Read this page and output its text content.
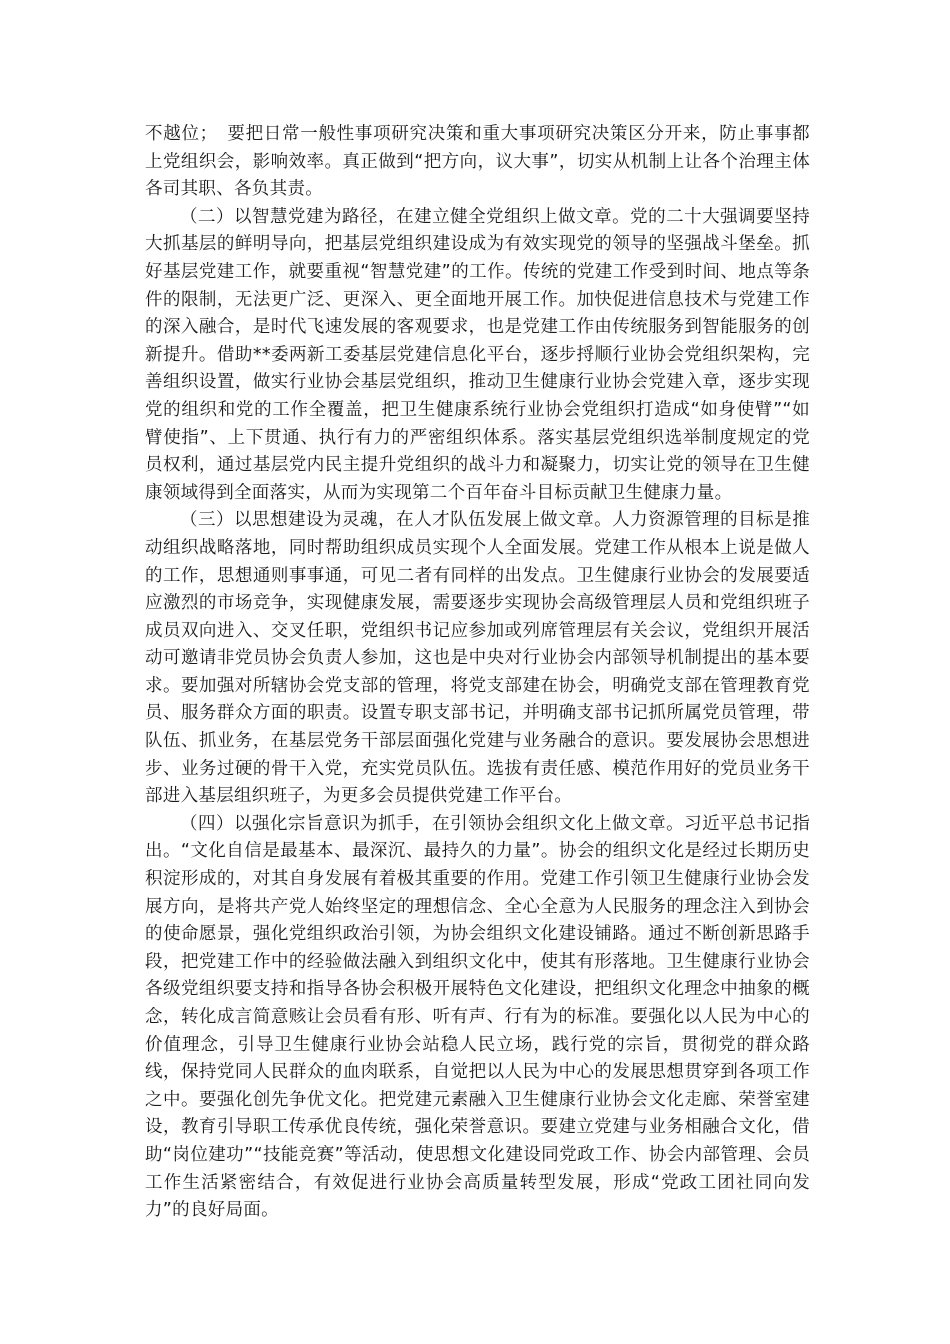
不越位；　要把日常一般性事项研究决策和重大事项研究决策区分开来，防止事事都上党组织会，影响效率。真正做到“把方向，议大事”，切实从机制上让各个治理主体各司其职、各负其责。

（二）以智慧党建为路径，在建立健全党组织上做文章。党的二十大强调要坚持大抓基层的鲜明导向，把基层党组织建设成为有效实现党的领导的坚强战斗堡垒。抓好基层党建工作，就要重视“智慧党建”的工作。传统的党建工作受到时间、地点等条件的限制，无法更广泛、更深入、更全面地开展工作。加快促进信息技术与党建工作的深入融合，是时代飞速发展的客观要求，也是党建工作由传统服务到智能服务的创新提升。借助**委两新工委基层党建信息化平台，逐步捋顺行业协会党组织架构，完善组织设置，做实行业协会基层党组织，推动卫生健康行业协会党建入章，逐步实现党的组织和党的工作全覆盖，把卫生健康系统行业协会党组织打造成“如身使臂”“如臂使指”、上下贯通、执行有力的严密组织体系。落实基层党组织选举制度规定的党员权利，通过基层党内民主提升党组织的战斗力和凝聚力，切实让党的领导在卫生健康领域得到全面落实，从而为实现第二个百年奋斗目标贡献卫生健康力量。

（三）以思想建设为灵魂，在人才队伍发展上做文章。人力资源管理的目标是推动组织战略落地，同时帮助组织成员实现个人全面发展。党建工作从根本上说是做人的工作，思想通则事事通，可见二者有同样的出发点。卫生健康行业协会的发展要适应激烈的市场竞争，实现健康发展，需要逐步实现协会高级管理层人员和党组织班子成员双向进入、交叉任职，党组织书记应参加或列席管理层有关会议，党组织开展活动可邀请非党员协会负责人参加，这也是中央对行业协会内部领导机制提出的基本要求。要加强对所辖协会党支部的管理，将党支部建在协会，明确党支部在管理教育党员、服务群众方面的职责。设置专职支部书记，并明确支部书记抓所属党员管理，带队伍、抓业务，在基层党务干部层面强化党建与业务融合的意识。要发展协会思想进步、业务过硬的骨干入党，充实党员队伍。选拔有责任感、模范作用好的党员业务干部进入基层组织班子，为更多会员提供党建工作平台。

（四）以强化宗旨意识为抓手，在引领协会组织文化上做文章。习近平总书记指出。“文化自信是最基本、最深沉、最持久的力量”。协会的组织文化是经过长期历史积淀形成的，对其自身发展有着极其重要的作用。党建工作引领卫生健康行业协会发展方向，是将共产党人始终坚定的理想信念、全心全意为人民服务的理念注入到协会的使命愿景，强化党组织政治引领，为协会组织文化建设铺路。通过不断创新思路手段，把党建工作中的经验做法融入到组织文化中，使其有形落地。卫生健康行业协会各级党组织要支持和指导各协会积极开展特色文化建设，把组织文化理念中抽象的概念，转化成言简意赅让会员看有形、听有声、行有为的标准。要强化以人民为中心的价值理念，引导卫生健康行业协会站稳人民立场，践行党的宗旨，贯彻党的群众路线，保持党同人民群众的血肉联系，自觉把以人民为中心的发展思想贯穿到各项工作之中。要强化创先争优文化。把党建元素融入卫生健康行业协会文化走廊、荣誉室建设，教育引导职工传承优良传统，强化荣誉意识。要建立党建与业务相融合文化，借助“岗位建功”“技能竞赛”等活动，使思想文化建设同党政工作、协会内部管理、会员工作生活紧密结合，有效促进行业协会高质量转型发展，形成“党政工团社同向发力”的良好局面。
